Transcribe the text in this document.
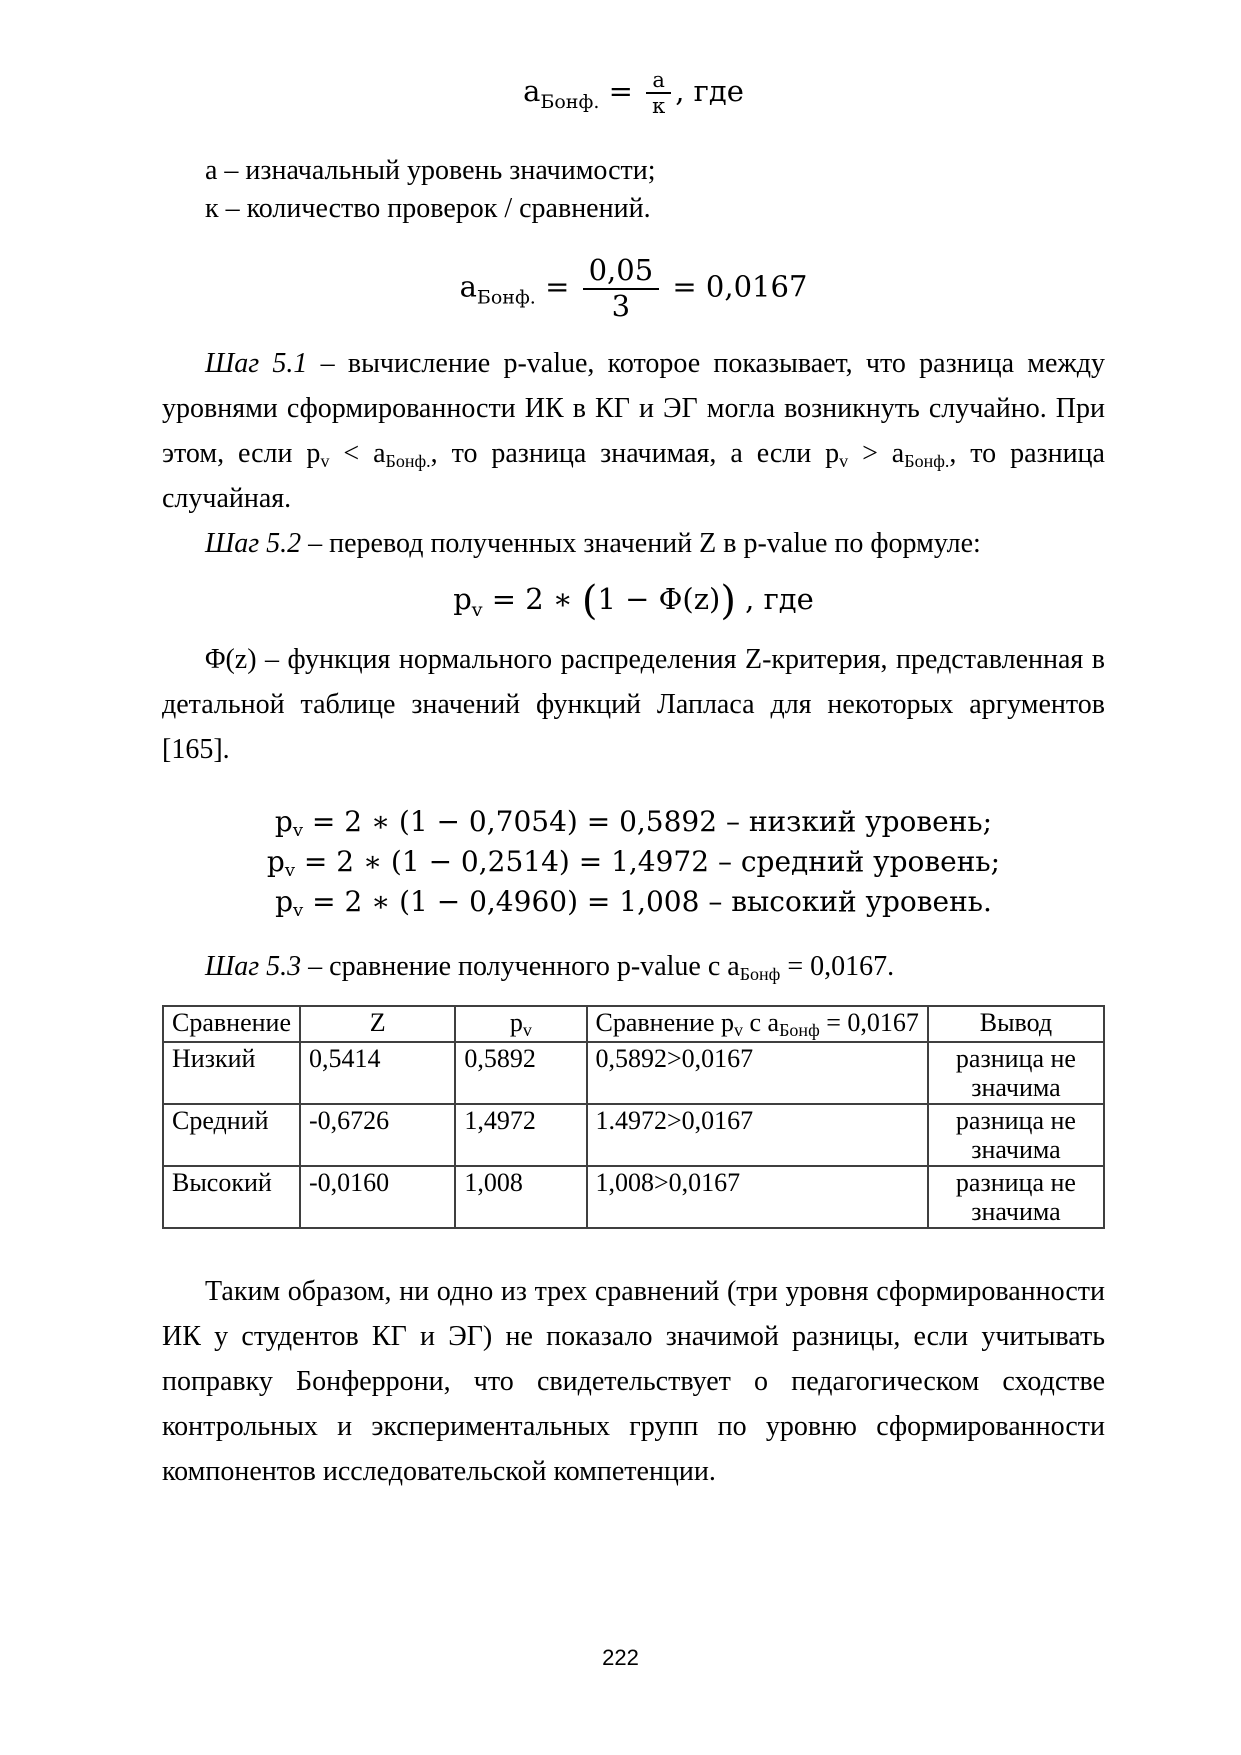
$a_{Бонф.} = \frac{а}{к}$ , где
а – изначальный уровень значимости;
к – количество проверок / сравнений.
$a_{Бонф.} = \frac{0,05}{3} = 0,0167$

Шаг 5.1 – вычисление p-value, которое показывает, что разница между уровнями сформированности ИК в КГ и ЭГ могла возникнуть случайно. При этом, если pv < аБонф., то разница значимая, а если pv > аБонф., то разница случайная.

Шаг 5.2 – перевод полученных значений Z в p-value по формуле:

$p_v = 2$ ∗ (1 − Φ(z)) , где

Φ(z) – функция нормального распределения Z-критерия, представленная в детальной таблице значений функций Лапласа для некоторых аргументов [165].

pv = 2 ∗ (1 − 0,7054) = 0,5892 – низкий уровень;
pv = 2 ∗ (1 − 0,2514) = 1,4972 – средний уровень;
pv = 2 ∗ (1 − 0,4960) = 1,008 – высокий уровень.

Шаг 5.3 – сравнение полученного p-value с аБонф = 0,0167.

Сравнение	Z	pv	Сравнение pv с аБонф = 0,0167	Вывод
Низкий	0,5414	0,5892	0,5892>0,0167	разница не значима
Средний	-0,6726	1,4972	1.4972>0,0167	разница не значима
Высокий	-0,0160	1,008	1,008>0,0167	разница не значима

Таким образом, ни одно из трех сравнений (три уровня сформированности ИК у студентов КГ и ЭГ) не показало значимой разницы, если учитывать поправку Бонферрони, что свидетельствует о педагогическом сходстве контрольных и экспериментальных групп по уровню сформированности компонентов исследовательской компетенции.

222
